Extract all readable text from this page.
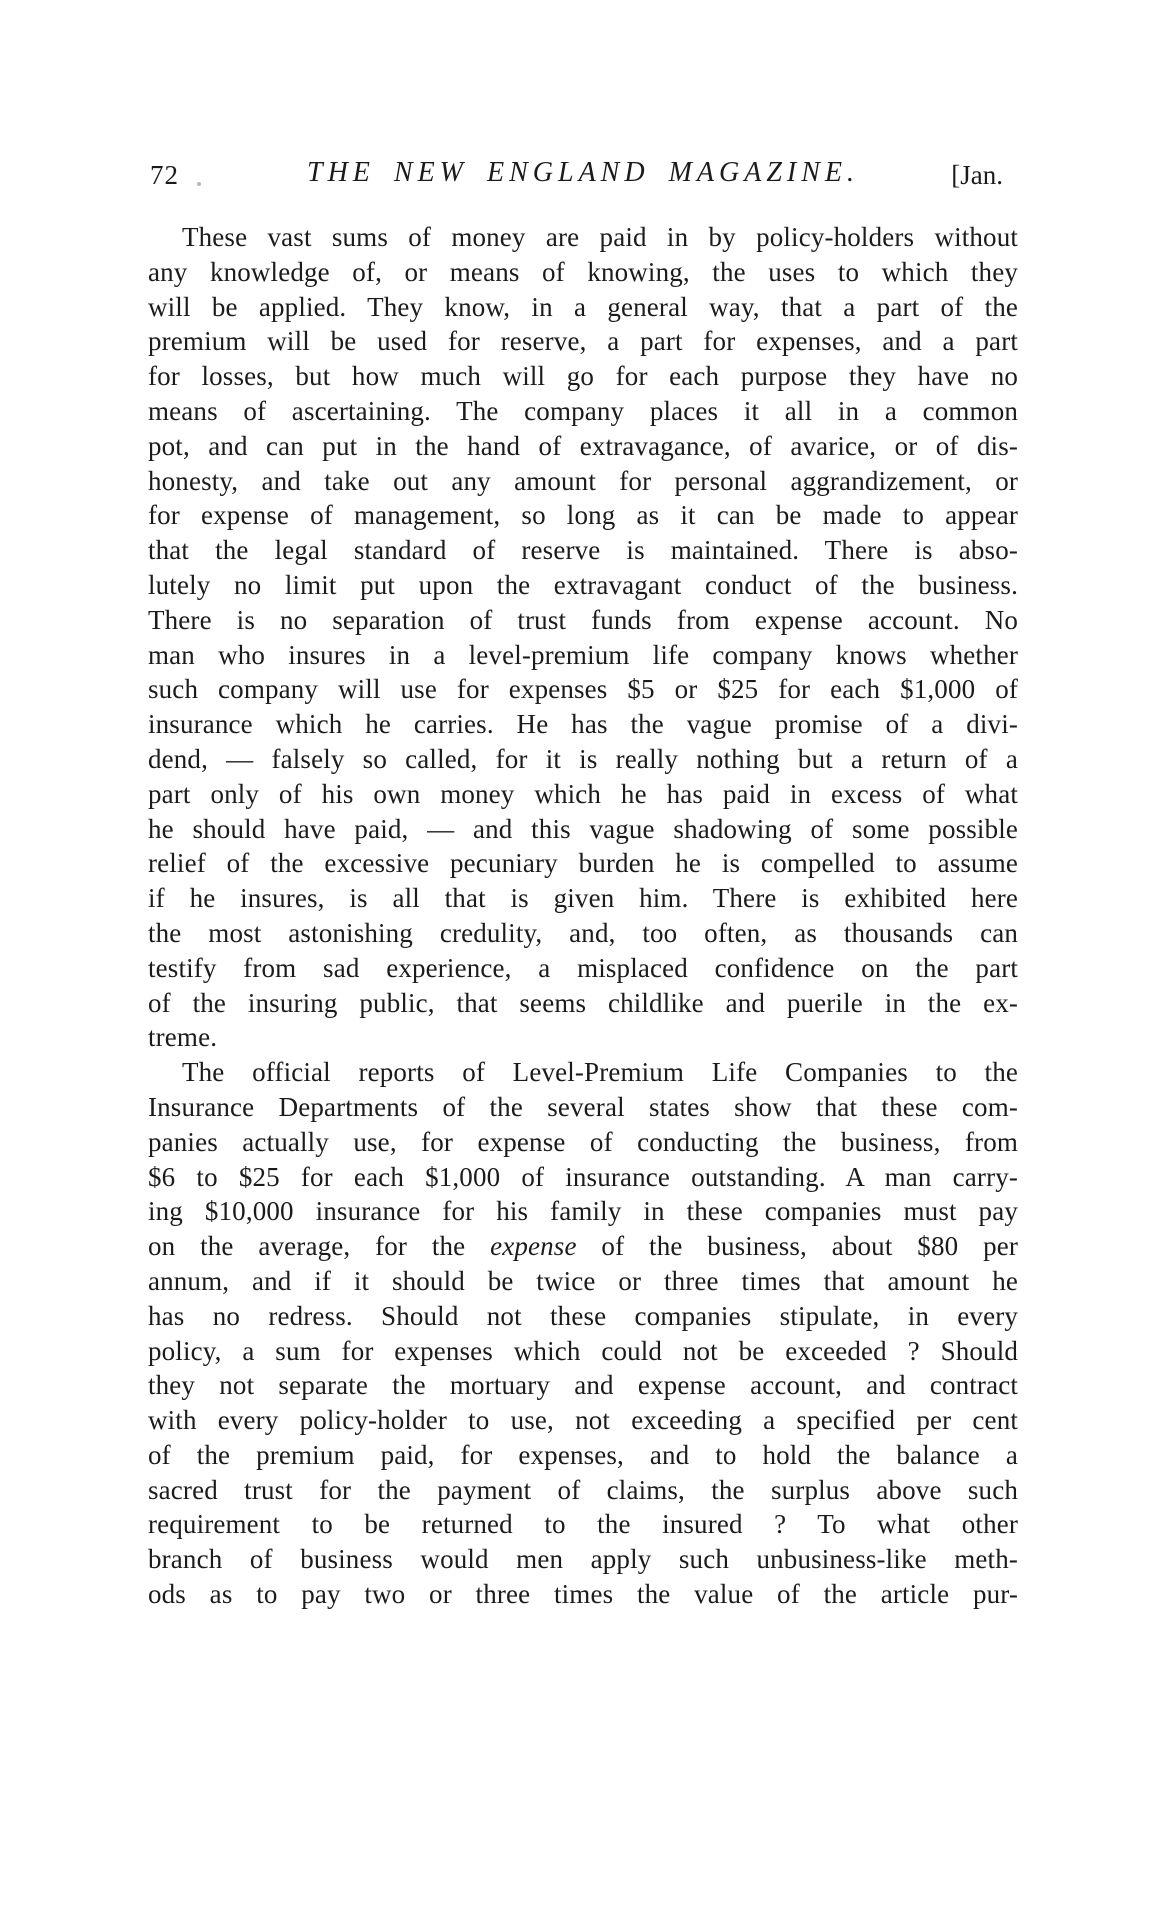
72	THE NEW ENGLAND MAGAZINE.	[Jan.
These vast sums of money are paid in by policy-holders without
any knowledge of, or means of knowing, the uses to which they
will be applied. They know, in a general way, that a part of the
premium will be used for reserve, a part for expenses, and a part
for losses, but how much will go for each purpose they have no
means of ascertaining. The company places it all in a common
pot, and can put in the hand of extravagance, of avarice, or of dis-
honesty, and take out any amount for personal aggrandizement, or
for expense of management, so long as it can be made to appear
that the legal standard of reserve is maintained. There is abso-
lutely no limit put upon the extravagant conduct of the business.
There is no separation of trust funds from expense account. No
man who insures in a level-premium life company knows whether
such company will use for expenses $5 or $25 for each $1,000 of
insurance which he carries. He has the vague promise of a divi-
dend, — falsely so called, for it is really nothing but a return of a
part only of his own money which he has paid in excess of what
he should have paid, — and this vague shadowing of some possible
relief of the excessive pecuniary burden he is compelled to assume
if he insures, is all that is given him. There is exhibited here
the most astonishing credulity, and, too often, as thousands can
testify from sad experience, a misplaced confidence on the part
of the insuring public, that seems childlike and puerile in the ex-
treme.
The official reports of Level-Premium Life Companies to the
Insurance Departments of the several states show that these com-
panies actually use, for expense of conducting the business, from
$6 to $25 for each $1,000 of insurance outstanding. A man carry-
ing $10,000 insurance for his family in these companies must pay
on the average, for the expense of the business, about $80 per
annum, and if it should be twice or three times that amount he
has no redress. Should not these companies stipulate, in every
policy, a sum for expenses which could not be exceeded ? Should
they not separate the mortuary and expense account, and contract
with every policy-holder to use, not exceeding a specified per cent
of the premium paid, for expenses, and to hold the balance a
sacred trust for the payment of claims, the surplus above such
requirement to be returned to the insured ? To what other
branch of business would men apply such unbusiness-like meth-
ods as to pay two or three times the value of the article pur-
